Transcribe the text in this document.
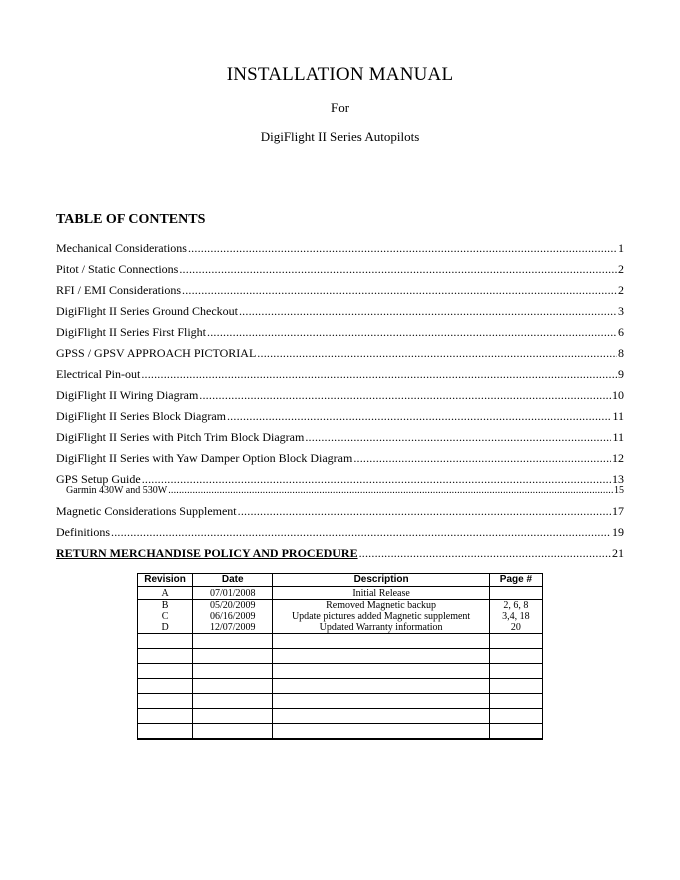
INSTALLATION MANUAL
For
DigiFlight II Series Autopilots
TABLE OF CONTENTS
Mechanical Considerations .....	1
Pitot / Static Connections .....	2
RFI / EMI Considerations .....	2
DigiFlight II Series Ground Checkout .....	3
DigiFlight II Series First Flight .....	6
GPSS / GPSV APPROACH PICTORIAL .....	8
Electrical Pin-out .....	9
DigiFlight II Wiring Diagram .....	10
DigiFlight II Series Block Diagram .....	11
DigiFlight II Series with Pitch Trim Block Diagram .....	11
DigiFlight II Series with Yaw Damper Option Block Diagram .....	12
GPS Setup Guide .....	13
Garmin 430W and 530W .....	15
Magnetic Considerations Supplement .....	17
Definitions .....	19
RETURN MERCHANDISE POLICY AND PROCEDURE .....	21
Revision	Date	Description	Page #
A	07/01/2008	Initial Release	
B	05/20/2009	Removed Magnetic backup	2, 6, 8
C	06/16/2009	Update pictures added Magnetic supplement	3,4, 18
D	12/07/2009	Updated Warranty information	20
